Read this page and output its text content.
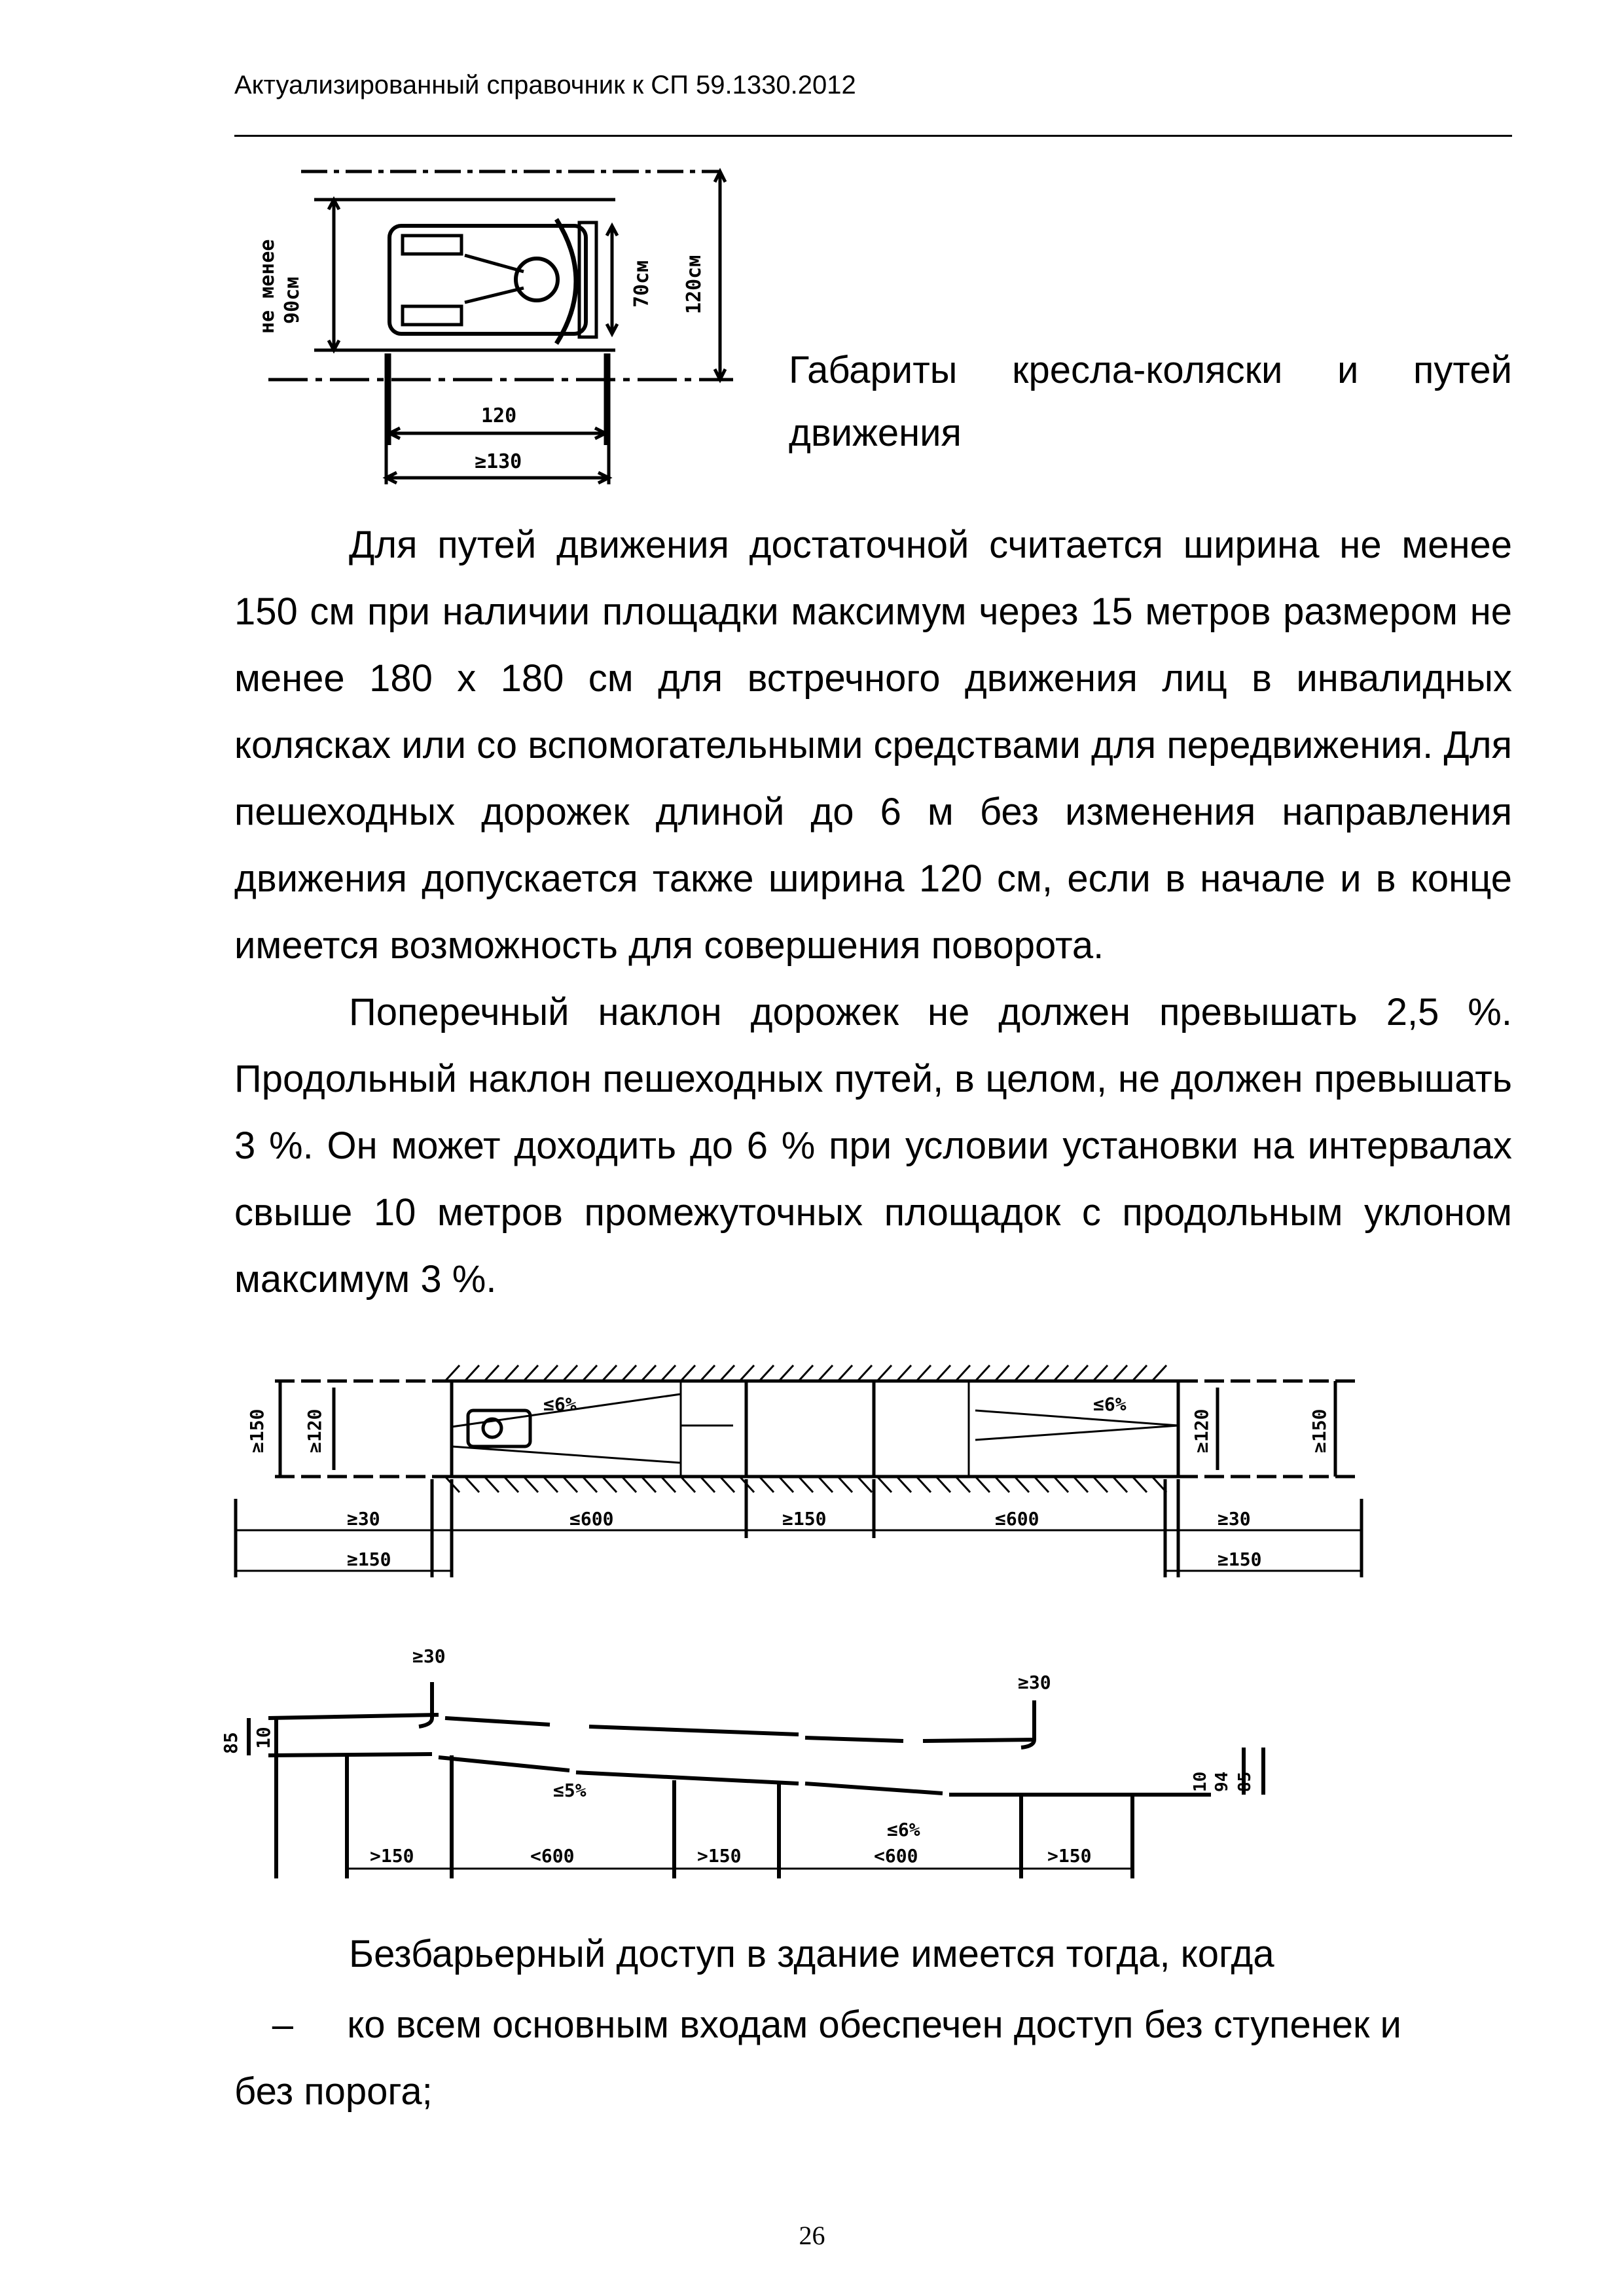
Актуализированный справочник к СП 59.1330.2012
не менее 90см	70см 120см
120
≥130
Габариты кресла-коляски и путей
движения
Для путей движения достаточной считается ширина не менее 150 см при наличии площадки максимум через 15 метров размером не менее 180 х 180 см для встречного движения лиц в инвалидных колясках или со вспомогательными средствами для передвижения. Для пешеходных дорожек длиной до 6 м без изменения направления движения допускается также ширина 120 см, если в начале и в конце имеется возможность для совершения поворота.
Поперечный наклон дорожек не должен превышать 2,5 %. Продольный наклон пешеходных путей, в целом, не должен превышать 3 %. Он может доходить до 6 % при условии установки на интервалах свыше 10 метров промежуточных площадок с продольным уклоном максимум 3 %.
≥150 ≥120	≥120	≥150
≤6%	≤6%
≥30	≤600	≥150	≤600	≥30
≥150	≥150
≥30
≥30
85 10
10 94 85
≤5%
≤6%
>150	<600	>150	<600	>150
Безбарьерный доступ в здание имеется тогда, когда
– ко всем основным входам обеспечен доступ без ступенек и
без порога;
26
